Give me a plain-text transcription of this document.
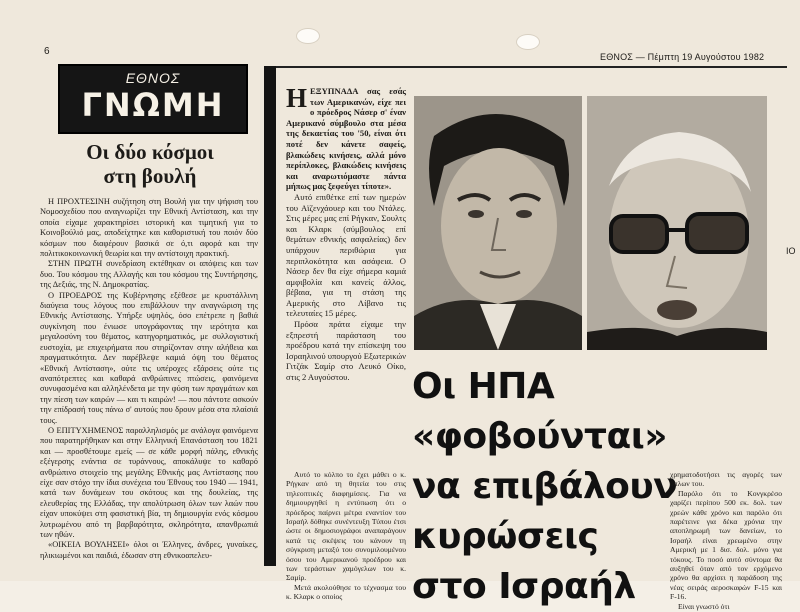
6	ΕΘΝΟΣ — Πέμπτη 19 Αυγούστου 1982
ΕΘΝΟΣ
ΓΝΩΜΗ
Οι δύο κόσμοι
στη βουλή

Η ΠΡΟΧΤΕΣΙΝΗ συζήτηση στη Βουλή για την ψήφιση του Νομοσχεδίου που αναγνωρίζει την Εθνική Αντίσταση, και την οποία είχαμε χαρακτηρίσει ιστορική και τιμητική για το Κοινοβούλιό μας, αποδείχτηκε και καθοριστική του ποιόν δύο κόσμων που διαφέρουν βασικά σε ό,τι αφορά και την πολιτικοκοινωνική θεωρία και την αντίστοιχη πρακτική.

ΣΤΗΝ ΠΡΩΤΗ συνεδρίαση εκτέθηκαν οι απόψεις και των δυο. Του κόσμου της Αλλαγής και του κόσμου της Συντήρησης, της Δεξιάς, της Ν. Δημοκρατίας.

Ο ΠΡΟΕΔΡΟΣ της Κυβέρνησης εξέθεσε με κρυστάλλινη διαύγεια τους λόγους που επιβάλλουν την αναγνώριση της Εθνικής Αντίστασης. Υπήρξε υψηλός, όσο επέτρεπε η βαθιά συγκίνηση που ένιωσε υπογράφοντας την ιερότητα και μεγαλοσύνη του θέματος, κατηγορηματικός, με συλλογιστική ευστοχία, με επιχειρήματα που στηρίζονταν στην αλήθεια και πραγματικότητα. Δεν παρέβλεψε καμιά όψη του θέματος «Εθνική Αντίσταση», ούτε τις υπέροχες εξάρσεις ούτε τις αναπότρεπτες και καθαρά ανθρώπινες πτώσεις, φαινόμενα συνυφασμένα και αλληλένδετα με την φύση των πραγμάτων και την πίεση των καιρών — και τι καιρών! — που πάντοτε ασκούν την επίδρασή τους πάνω σ' αυτούς που δρουν μέσα στα πλαίσιά τους.

Ο ΕΠΙΤΥΧΗΜΕΝΟΣ παραλληλισμός με ανάλογα φαινόμενα που παρατηρήθηκαν και στην Ελληνική Επανάσταση του 1821 και — προσθέτουμε εμείς — σε κάθε μορφή πάλης, εθνικής εξέγερσης ενάντια σε τυράννους, αποκάλυψε το καθαρό ανθρώπινο στοιχείο της μεγάλης Εθνικής μας Αντίστασης που είχε σαν στόχο την ίδια συνέχεια του Έθνους του 1940 — 1941, κατά των δυνάμεων του σκότους και της δουλείας, της ελευθερίας της Ελλάδας, την απολύτρωση όλων των λαών που είχαν υποκύψει στη φασιστική βία, τη δημιουργία ενός κόσμου λυτρωμένου από τη βαρβαρότητα, σκληρότητα, απανθρωπιά των ηθών.

«ΟΙΚΕΙΑ ΒΟΥΛΗΣΕΙ» όλοι οι Έλληνες, άνδρες, γυναίκες, ηλικιωμένοι και παιδιά, έδωσαν στη εθνικοαπελευ-

ΗΕΞΥΠΝΑΔΑ σας εσάς των Αμερικανών, είχε πει ο πρόεδρος Νάσερ σ' έναν Αμερικανό σύμβουλο στα μέσα της δεκαετίας του '50, είναι ότι ποτέ δεν κάνετε σαφείς, βλακώδεις κινήσεις, αλλά μόνο περίπλοκες, βλακώδεις κινήσεις και αναρωτιόμαστε πάντα μήπως μας ξεφεύγει τίποτε».

Αυτό επιθέτκε επί των ημερών του Αϊζενχάουερ και του Ντάλες. Στις μέρες μας επί Ρήγκαν, Σουλτς και Κλαρκ (σύμβουλος επί θεμάτων εθνικής ασφαλείας) δεν υπάρχουν περιθώρια για περιπλοκότητα και ασάφεια. Ο Νάσερ δεν θα είχε σήμερα καμιά αμφιβολία και κανείς άλλος, βέβαια, για τη στάση της Αμερικής στο Λίβανο τις τελευταίες 15 μέρες.

Πρόσα πράτα είχαμε την εξπρεστή παράσταση του προέδρου κατά την επίσκεψη του Ισραηλινού υπουργού Εξωτερικών Γιτζάκ Σαμίρ στο Λευκό Οίκο, στις 2 Αυγούστου.

ΙΟ
Οι ΗΠΑ «φοβούνται»
να επιβάλουν
κυρώσεις
στο Ισραήλ

Αυτό το κόλπο το έχει μάθει ο κ. Ρήγκαν από τη θητεία του στις τηλεοπτικές διαφημίσεις. Για να δημιουργηθεί η εντύπωση ότι ο πρόεδρος παίρνει μέτρα εναντίον του Ισραήλ δόθηκε συνέντευξη Τύπου έτσι ώστε οι δημοσιογράφοι αναπαράγουν κατά τις σκέψεις του κάνουν τη σύγκριση μεταξύ του συνομιλουμένου όσου του Αμερικανού προέδρου και των τεράστιων χαμόγελων του κ. Σαμίρ.

Μετά ακολούθησε το τέχνασμα του κ. Κλαρκ ο οποίος

χρηματοδοτήσει τις αγορές των όπλων του.

Παρόλο ότι το Κονγκρέσο χαρίζει περίπου 500 εκ. δολ. των χρεών κάθε χρόνο και παρόλο ότι παρέτεινε για δέκα χρόνια την αποπληρωμή των δανείων, το Ισραήλ είναι χρεωμένο στην Αμερική με 1 δισ. δολ. μόνο για τόκους. Το ποσό αυτό σύντομα θα αυξηθεί όταν από τον ερχόμενο χρόνο θα αρχίσει η παράδοση της νέας σειράς αεροσκαφών F-15 και F-16.

Είναι γνωστό ότι
